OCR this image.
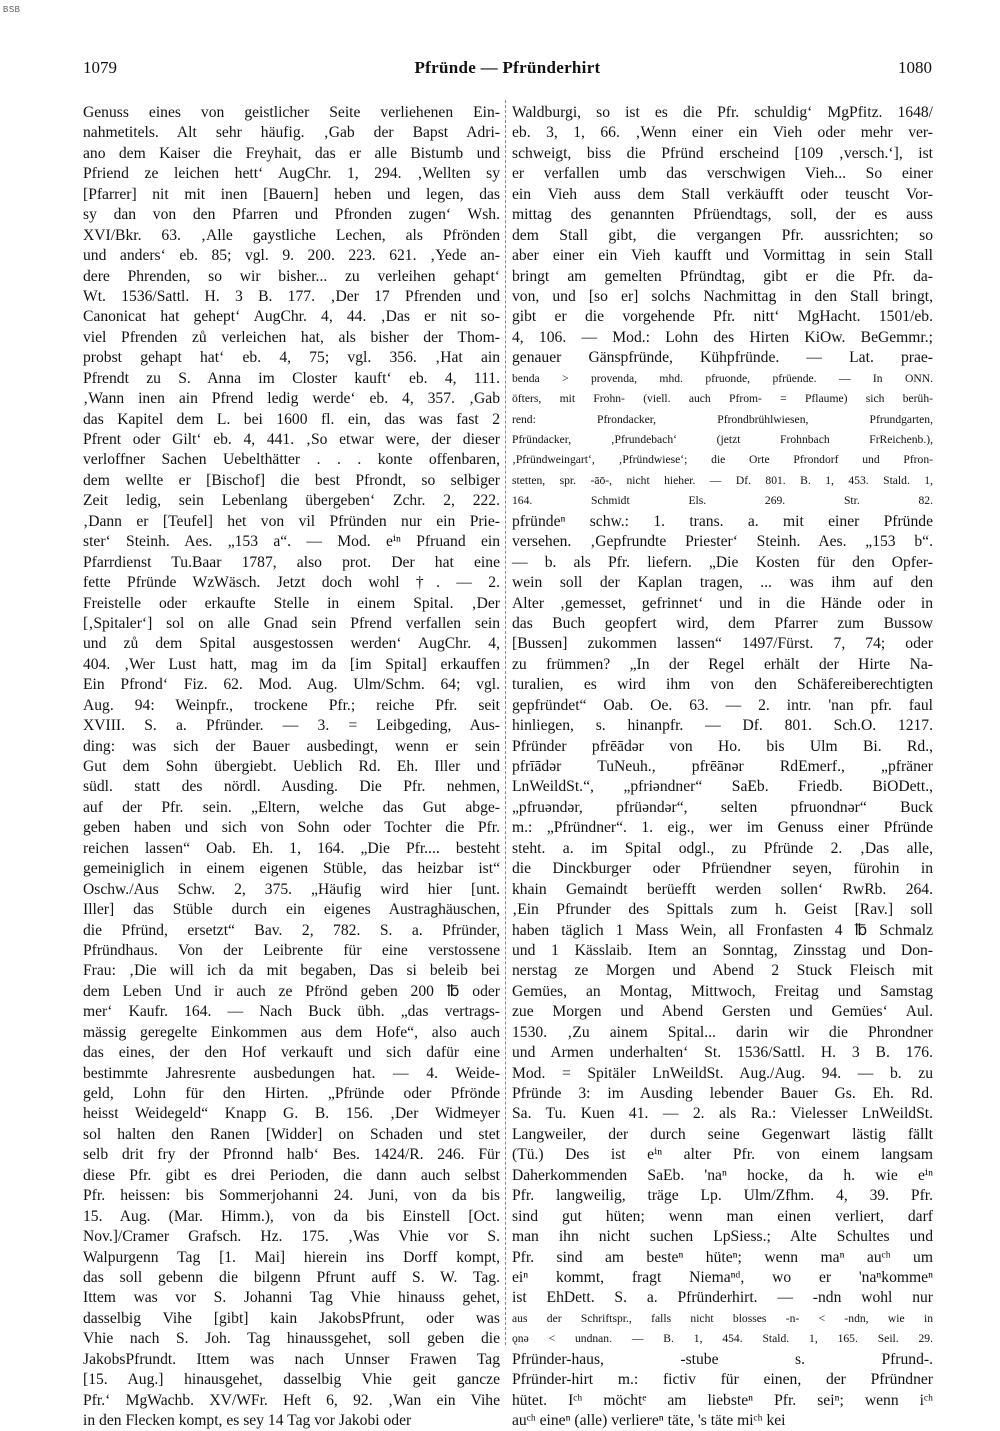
BSB
1079	Pfründe — Pfründerhirt	1080
Genuss eines von geistlicher Seite verliehenen Ein-
nahmetitels. Alt sehr häufig. ‚Gab der Bapst Adri-
ano dem Kaiser die Freyhait, das er alle Bistumb und
Pfriend ze leichen hett‘ AugChr. 1, 294. ‚Wellten sy
[Pfarrer] nit mit inen [Bauern] heben und legen, das
sy dan von den Pfarren und Pfronden zugen‘ Wsh.
XVI/Bkr. 63. ‚Alle gaystliche Lechen, als Pfrönden
und anders‘ eb. 85; vgl. 9. 200. 223. 621. ‚Yede an-
dere Phrenden, so wir bisher... zu verleihen gehapt‘
Wt. 1536/Sattl. H. 3 B. 177. ‚Der 17 Pfrenden und
Canonicat hat gehept‘ AugChr. 4, 44. ‚Das er nit so-
viel Pfrenden zů verleichen hat, als bisher der Thom-
probst gehapt hat‘ eb. 4, 75; vgl. 356. ‚Hat ain
Pfrendt zu S. Anna im Closter kauft‘ eb. 4, 111.
‚Wann inen ain Pfrend ledig werde‘ eb. 4, 357. ‚Gab
das Kapitel dem L. bei 1600 fl. ein, das was fast 2
Pfrent oder Gilt‘ eb. 4, 441. ‚So etwar were, der dieser
verloffner Sachen Uebelthätter . . . konte offenbaren,
dem wellte er [Bischof] die best Pfrondt, so selbiger
Zeit ledig, sein Lebenlang übergeben‘ Zchr. 2, 222.
‚Dann er [Teufel] het von vil Pfründen nur ein Prie-
ster‘ Steinh. Aes. „153 a“. — Mod. eⁱⁿ Pfruand ein
Pfarrdienst Tu.Baar 1787, also prot. Der hat eine
fette Pfründe WzWäsch. Jetzt doch wohl †. — 2.
Freistelle oder erkaufte Stelle in einem Spital. ‚Der
[‚Spitaler‘] sol on alle Gnad sein Pfrend verfallen sein
und zů dem Spital ausgestossen werden‘ AugChr. 4,
404. ‚Wer Lust hatt, mag im da [im Spital] erkauffen
Ein Pfrond‘ Fiz. 62. Mod. Aug. Ulm/Schm. 64; vgl.
Aug. 94: Weinpfr., trockene Pfr.; reiche Pfr. seit
XVIII. S. a. Pfründer. — 3. = Leibgeding, Aus-
ding: was sich der Bauer ausbedingt, wenn er sein
Gut dem Sohn übergiebt. Ueblich Rd. Eh. Iller und
südl. statt des nördl. Ausding. Die Pfr. nehmen,
auf der Pfr. sein. „Eltern, welche das Gut abge-
geben haben und sich von Sohn oder Tochter die Pfr.
reichen lassen“ Oab. Eh. 1, 164. „Die Pfr.... besteht
gemeiniglich in einem eigenen Stüble, das heizbar ist“
Oschw./Aus Schw. 2, 375. „Häufig wird hier [unt.
Iller] das Stüble durch ein eigenes Austraghäuschen,
die Pfründ, ersetzt“ Bav. 2, 782. S. a. Pfründer,
Pfründhaus. Von der Leibrente für eine verstossene
Frau: ‚Die will ich da mit begaben, Das si beleib bei
dem Leben Und ir auch ze Pfrönd geben 200 ℔ oder
mer‘ Kaufr. 164. — Nach Buck übh. „das vertrags-
mässig geregelte Einkommen aus dem Hofe“, also auch
das eines, der den Hof verkauft und sich dafür eine
bestimmte Jahresrente ausbedungen hat. — 4. Weide-
geld, Lohn für den Hirten. „Pfründe oder Pfrönde
heisst Weidegeld“ Knapp G. B. 156. ‚Der Widmeyer
sol halten den Ranen [Widder] on Schaden und stet
selb drit fry der Pfronnd halb‘ Bes. 1424/R. 246. Für
diese Pfr. gibt es drei Perioden, die dann auch selbst
Pfr. heissen: bis Sommerjohanni 24. Juni, von da bis
15. Aug. (Mar. Himm.), von da bis Einstell [Oct.
Nov.]/Cramer Grafsch. Hz. 175. ‚Was Vhie vor S.
Walpurgenn Tag [1. Mai] hierein ins Dorff kompt,
das soll gebenn die bilgenn Pfrunt auff S. W. Tag.
Ittem was vor S. Johanni Tag Vhie hinauss gehet,
dasselbig Vihe [gibt] kain JakobsPfrunt, oder was
Vhie nach S. Joh. Tag hinaussgehet, soll geben die
JakobsPfrundt. Ittem was nach Unnser Frawen Tag
[15. Aug.] hinausgehet, dasselbig Vhie geit gancze
Pfr.‘ MgWachb. XV/WFr. Heft 6, 92. ‚Wan ein Vihe
in den Flecken kompt, es sey 14 Tag vor Jakobi oder
Waldburgi, so ist es die Pfr. schuldig‘ MgPfitz. 1648/
eb. 3, 1, 66. ‚Wenn einer ein Vieh oder mehr ver-
schweigt, biss die Pfründ erscheind [109 ‚versch.‘], ist
er verfallen umb das verschwigen Vieh... So einer
ein Vieh auss dem Stall verkäufft oder teuscht Vor-
mittag des genannten Pfrüendtags, soll, der es auss
dem Stall gibt, die vergangen Pfr. aussrichten; so
aber einer ein Vieh kaufft und Vormittag in sein Stall
bringt am gemelten Pfründtag, gibt er die Pfr. da-
von, und [so er] solchs Nachmittag in den Stall bringt,
gibt er die vorgehende Pfr. nitt‘ MgHacht. 1501/eb.
4, 106. — Mod.: Lohn des Hirten KiOw. BeGemmr.;
genauer Gänspfründe, Kühpfründe. — Lat. prae-
benda > provenda, mhd. pfruonde, pfrüende. — In ONN.
öfters, mit Frohn- (viell. auch Pfrom- = Pflaume) sich berüh-
rend: Pfrondacker, Pfrondbrühlwiesen, Pfrundgarten,
Pfründacker, ‚Pfrundebach‘ (jetzt Frohnbach FrReichenb.),
‚Pfründweingart‘, ‚Pfründwiese‘; die Orte Pfrondorf und Pfron-
stetten, spr. -āō-, nicht hieher. — Df. 801. B. 1, 453. Stald. 1,
164. Schmidt Els. 269. Str. 82.
pfründeⁿ schw.: 1. trans. a. mit einer Pfründe
versehen. ‚Gepfrundte Priester‘ Steinh. Aes. „153 b“.
— b. als Pfr. liefern. „Die Kosten für den Opfer-
wein soll der Kaplan tragen, ... was ihm auf den
Alter ‚gemesset, gefrinnet‘ und in die Hände oder in
das Buch geopfert wird, dem Pfarrer zum Bussow
[Bussen] zukommen lassen“ 1497/Fürst. 7, 74; oder
zu frümmen? „In der Regel erhält der Hirte Na-
turalien, es wird ihm von den Schäfereiberechtigten
gepfründet“ Oab. Oe. 63. — 2. intr. 'nan pfr. faul
hinliegen, s. hinanpfr. — Df. 801. Sch.O. 1217.
Pfründer pfrēādər von Ho. bis Ulm Bi. Rd.,
pfrīādər TuNeuh., pfrēānər RdEmerf., „pfräner
LnWeildSt.“, „pfriəndner“ SaEb. Friedb. BiODett.,
„pfruəndər, pfrüəndər“, selten pfruondnər“ Buck
m.: „Pfründner“. 1. eig., wer im Genuss einer Pfründe
steht. a. im Spital odgl., zu Pfründe 2. ‚Das alle,
die Dinckburger oder Pfrüendner seyen, fürohin in
khain Gemaindt berüefft werden sollen‘ RwRb. 264.
‚Ein Pfrunder des Spittals zum h. Geist [Rav.] soll
haben täglich 1 Mass Wein, all Fronfasten 4 ℔ Schmalz
und 1 Kässlaib. Item an Sonntag, Zinsstag und Don-
nerstag ze Morgen und Abend 2 Stuck Fleisch mit
Gemües, an Montag, Mittwoch, Freitag und Samstag
zue Morgen und Abend Gersten und Gemües‘ Aul.
1530. ‚Zu ainem Spital... darin wir die Phrondner
und Armen underhalten‘ St. 1536/Sattl. H. 3 B. 176.
Mod. = Spitäler LnWeildSt. Aug./Aug. 94. — b. zu
Pfründe 3: im Ausding lebender Bauer Gs. Eh. Rd.
Sa. Tu. Kuen 41. — 2. als Ra.: Vielesser LnWeildSt.
Langweiler, der durch seine Gegenwart lästig fällt
(Tü.) Des ist eⁱⁿ alter Pfr. von einem langsam
Daherkommenden SaEb. 'naⁿ hocke, da h. wie eⁱⁿ
Pfr. langweilig, träge Lp. Ulm/Zfhm. 4, 39. Pfr.
sind gut hüten; wenn man einen verliert, darf
man ihn nicht suchen LpSiess.; Alte Schultes und
Pfr. sind am besteⁿ hüteⁿ; wenn maⁿ auᶜʰ um
eiⁿ kommt, fragt Niemaⁿᵈ, wo er 'naⁿkommeⁿ
ist EhDett. S. a. Pfründerhirt. — -ndn wohl nur
aus der Schriftspr., falls nicht blosses -n- < -ndn, wie in
ǫnə < undnan. — B. 1, 454. Stald. 1, 165. Seil. 29.
Pfründer-haus, -stube s. Pfrund-.
Pfründer-hirt m.: fictiv für einen, der Pfründner
hütet. Iᶜʰ möchtᵉ am liebsteⁿ Pfr. seiⁿ; wenn iᶜʰ
auᶜʰ eineⁿ (alle) verliereⁿ täte, 's täte miᶜʰ kei
